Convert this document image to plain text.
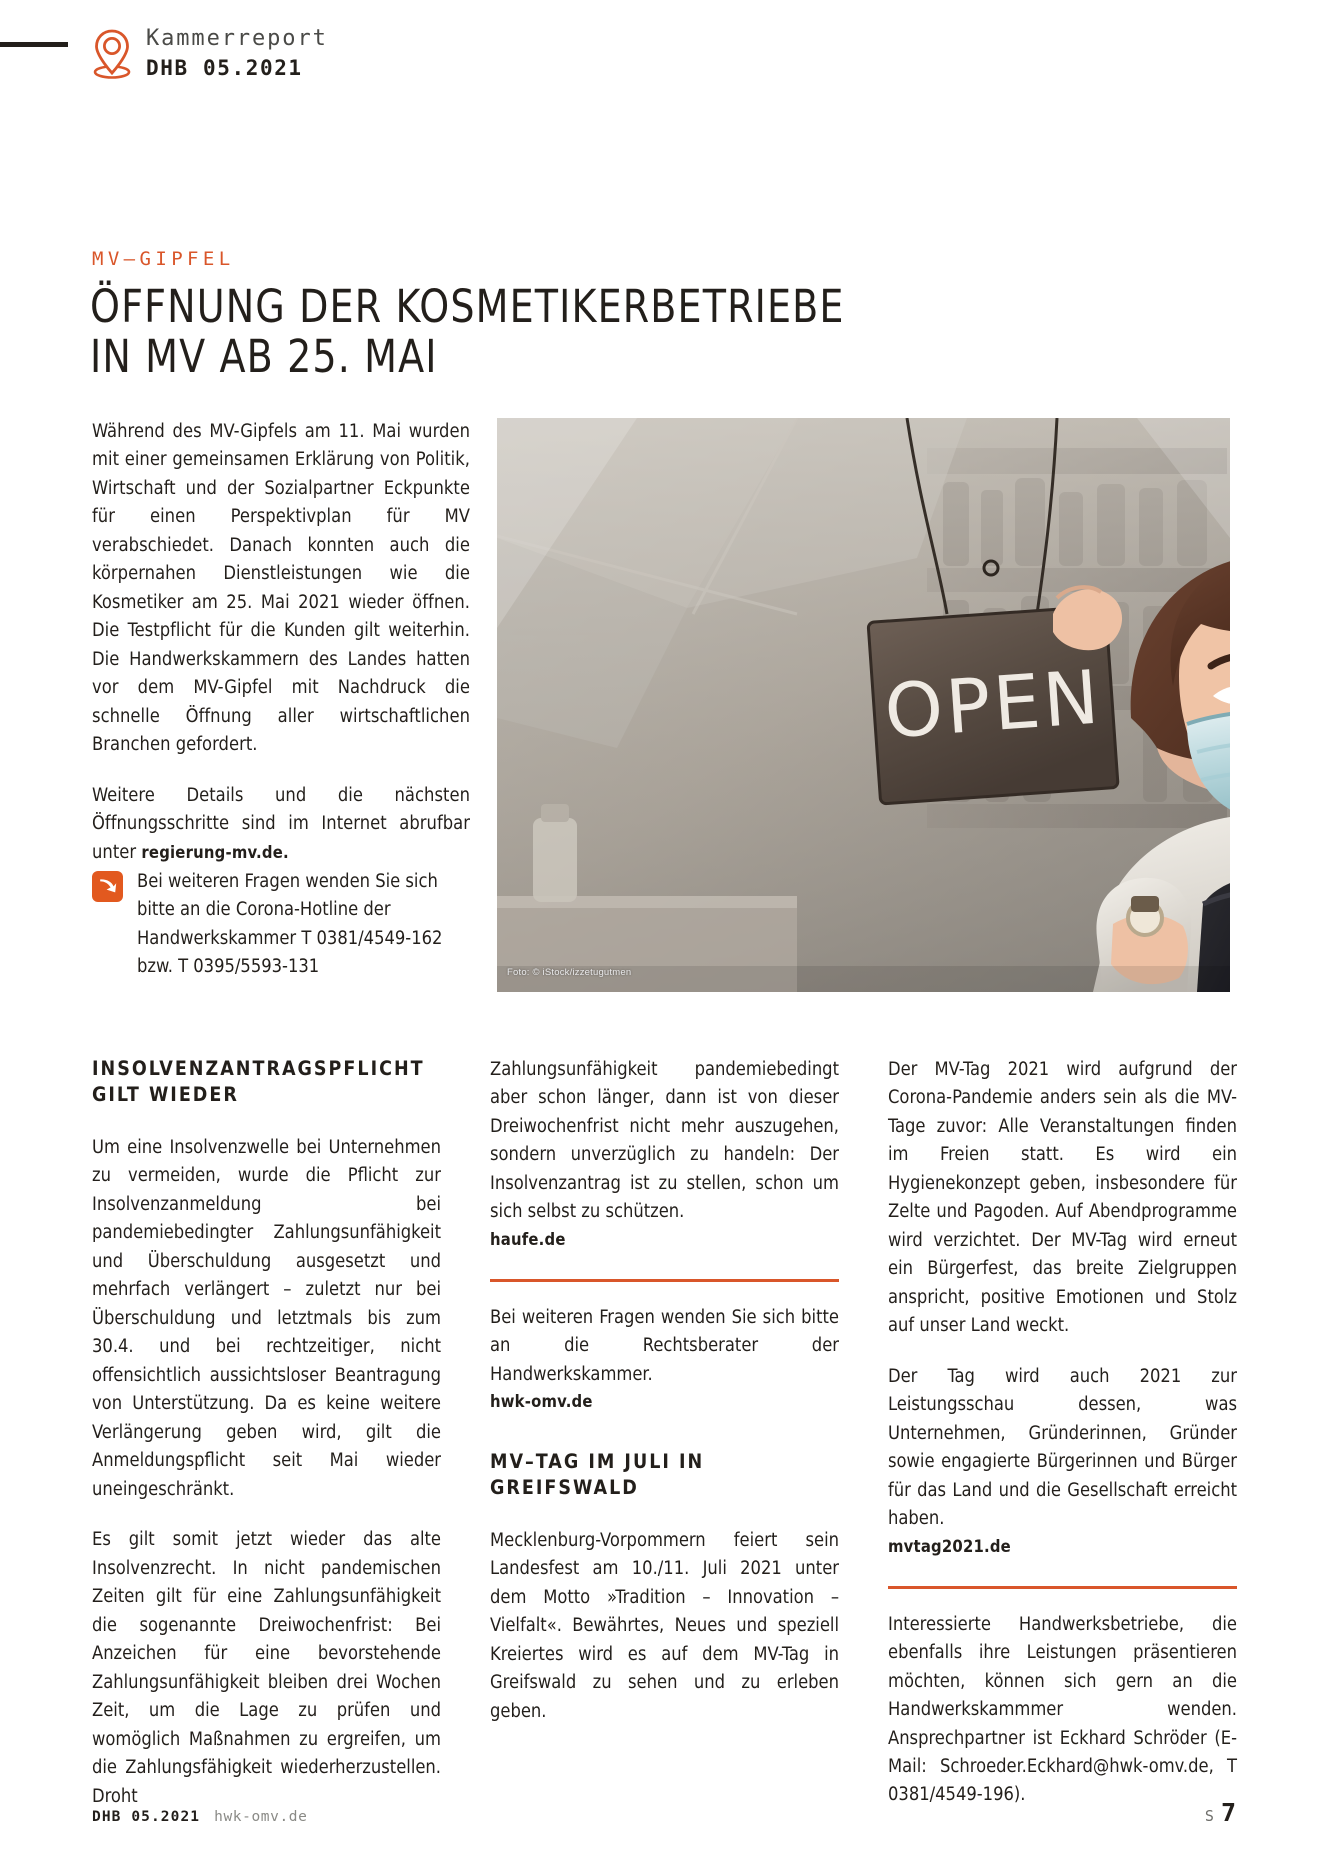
Kammerreport
DHB 05.2021
MV–GIPFEL
ÖFFNUNG DER KOSMETIKERBETRIEBE
IN MV AB 25. MAI

Während des MV-Gipfels am 11. Mai wurden mit einer gemeinsamen Erklärung von Politik, Wirtschaft und der Sozialpartner Eckpunkte für einen Perspektivplan für MV verabschiedet. Danach konnten auch die körpernahen Dienstleistungen wie die Kosmetiker am 25. Mai 2021 wieder öffnen. Die Testpflicht für die Kunden gilt weiterhin. Die Handwerkskammern des Landes hatten vor dem MV-Gipfel mit Nachdruck die schnelle Öffnung aller wirtschaftlichen Branchen gefordert.

Weitere Details und die nächsten Öffnungsschritte sind im Internet abrufbar unter regierung-mv.de.

Bei weiteren Fragen wenden Sie sich bitte an die Corona-Hotline der Handwerkskammer T 0381/4549-162 bzw. T 0395/5593-131
OPEN
Foto: © iStock/izzetugutmen
INSOLVENZANTRAGSPFLICHT GILT WIEDER

Um eine Insolvenzwelle bei Unternehmen zu vermeiden, wurde die Pflicht zur Insolvenzanmeldung bei pandemiebedingter Zahlungsunfähigkeit und Überschuldung ausgesetzt und mehrfach verlängert – zuletzt nur bei Überschuldung und letztmals bis zum 30.4. und bei rechtzeitiger, nicht offensichtlich aussichtsloser Beantragung von Unterstützung. Da es keine weitere Verlängerung geben wird, gilt die Anmeldungspflicht seit Mai wieder uneingeschränkt.

Es gilt somit jetzt wieder das alte Insolvenzrecht. In nicht pandemischen Zeiten gilt für eine Zahlungsunfähigkeit die sogenannte Dreiwochenfrist: Bei Anzeichen für eine bevorstehende Zahlungsunfähigkeit bleiben drei Wochen Zeit, um die Lage zu prüfen und womöglich Maßnahmen zu ergreifen, um die Zahlungsfähigkeit wiederherzustellen. Droht

Zahlungsunfähigkeit pandemiebedingt aber schon länger, dann ist von dieser Dreiwochenfrist nicht mehr auszugehen, sondern unverzüglich zu handeln: Der Insolvenzantrag ist zu stellen, schon um sich selbst zu schützen.

haufe.de

Bei weiteren Fragen wenden Sie sich bitte an die Rechtsberater der Handwerkskammer.

hwk-omv.de

MV–TAG IM JULI IN GREIFSWALD

Mecklenburg-Vorpommern feiert sein Landesfest am 10./11. Juli 2021 unter dem Motto »Tradition – Innovation – Vielfalt«. Bewährtes, Neues und speziell Kreiertes wird es auf dem MV-Tag in Greifswald zu sehen und zu erleben geben.

Der MV-Tag 2021 wird aufgrund der Corona-Pandemie anders sein als die MV-Tage zuvor: Alle Veranstaltungen finden im Freien statt. Es wird ein Hygienekonzept geben, insbesondere für Zelte und Pagoden. Auf Abendprogramme wird verzichtet. Der MV-Tag wird erneut ein Bürgerfest, das breite Zielgruppen anspricht, positive Emotionen und Stolz auf unser Land weckt.

Der Tag wird auch 2021 zur Leistungsschau dessen, was Unternehmen, Gründerinnen, Gründer sowie engagierte Bürgerinnen und Bürger für das Land und die Gesellschaft erreicht haben.

mvtag2021.de

Interessierte Handwerksbetriebe, die ebenfalls ihre Leistungen präsentieren möchten, können sich gern an die Handwerkskammmer wenden. Ansprechpartner ist Eckhard Schröder (E-Mail: Schroeder.Eckhard@hwk-omv.de, T 0381/4549-196).

DHB 05.2021 hwk-omv.de	S 7
